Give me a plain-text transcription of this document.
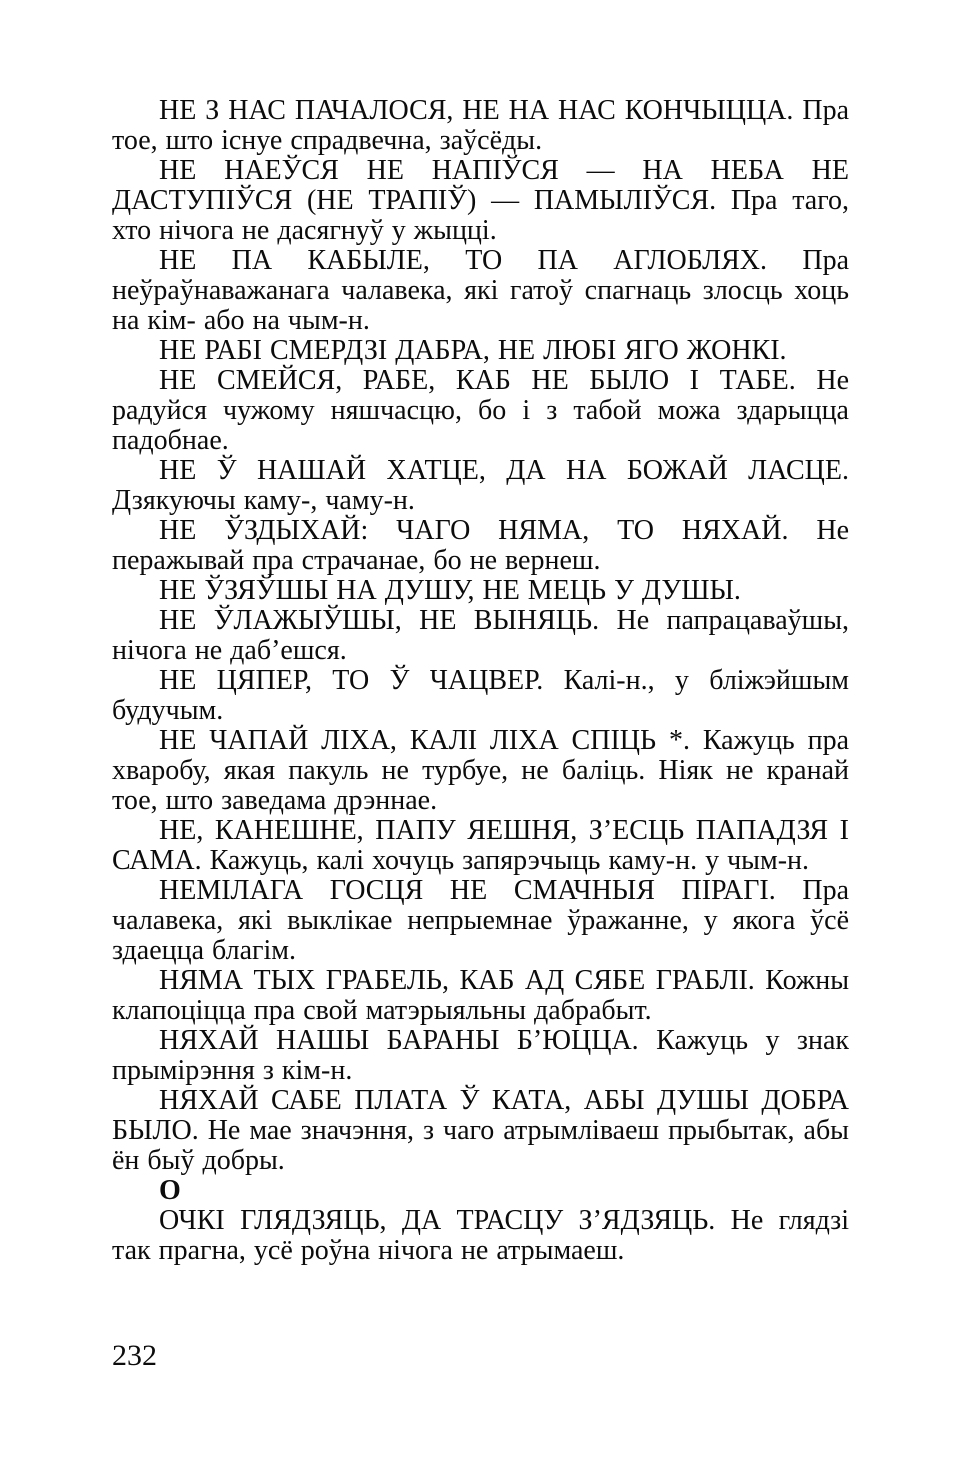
НЕ З НАС ПАЧАЛОСЯ, НЕ НА НАС КОНЧЫЦЦА. Пра тое, што існуе спрадвечна, заўсёды.

НЕ НАЕЎСЯ НЕ НАПІЎСЯ — НА НЕБА НЕ ДАСТУПІЎСЯ (НЕ ТРАПІЎ) — ПАМЫЛІЎСЯ. Пра таго, хто нічога не дасягнуў у жыцці.

НЕ ПА КАБЫЛЕ, ТО ПА АГЛОБЛЯХ. Пра неўраўнаважанага чалавека, які гатоў спагнаць злосць хоць на кім- або на чым-н.

НЕ РАБІ СМЕРДЗІ ДАБРА, НЕ ЛЮБІ ЯГО ЖОНКІ.

НЕ СМЕЙСЯ, РАБЕ, КАБ НЕ БЫЛО І ТАБЕ. Не радуйся чужому няшчасцю, бо і з табой можа здарыцца падобнае.

НЕ Ў НАШАЙ ХАТЦЕ, ДА НА БОЖАЙ ЛАСЦЕ. Дзякуючы каму-, чаму-н.

НЕ ЎЗДЫХАЙ: ЧАГО НЯМА, ТО НЯХАЙ. Не перажывай пра страчанае, бо не вернеш.

НЕ ЎЗЯЎШЫ НА ДУШУ, НЕ МЕЦЬ У ДУШЫ.

НЕ ЎЛАЖЫЎШЫ, НЕ ВЫНЯЦЬ. Не папрацаваўшы, нічога не даб’ешся.

НЕ ЦЯПЕР, ТО Ў ЧАЦВЕР. Калі-н., у бліжэйшым будучым.

НЕ ЧАПАЙ ЛІХА, КАЛІ ЛІХА СПІЦЬ *. Кажуць пра хваробу, якая пакуль не турбуе, не баліць. Ніяк не кранай тое, што заведама дрэннае.

НЕ, КАНЕШНЕ, ПАПУ ЯЕШНЯ, З’ЕСЦЬ ПАПАДЗЯ І САМА. Кажуць, калі хочуць запярэчыць каму-н. у чым-н.

НЕМІЛАГА ГОСЦЯ НЕ СМАЧНЫЯ ПІРАГІ. Пра чалавека, які выклікае непрыемнае ўражанне, у якога ўсё здаецца благім.

НЯМА ТЫХ ГРАБЕЛЬ, КАБ АД СЯБЕ ГРАБЛІ. Кожны клапоціцца пра свой матэрыяльны дабрабыт.

НЯХАЙ НАШЫ БАРАНЫ Б’ЮЦЦА. Кажуць у знак прымірэння з кім-н.

НЯХАЙ САБЕ ПЛАТА Ў КАТА, АБЫ ДУШЫ ДОБРА БЫЛО. Не мае значэння, з чаго атрымліваеш прыбытак, абы ён быў добры.

О

ОЧКІ ГЛЯДЗЯЦЬ, ДА ТРАСЦУ З’ЯДЗЯЦЬ. Не глядзі так прагна, усё роўна нічога не атрымаеш.

232
